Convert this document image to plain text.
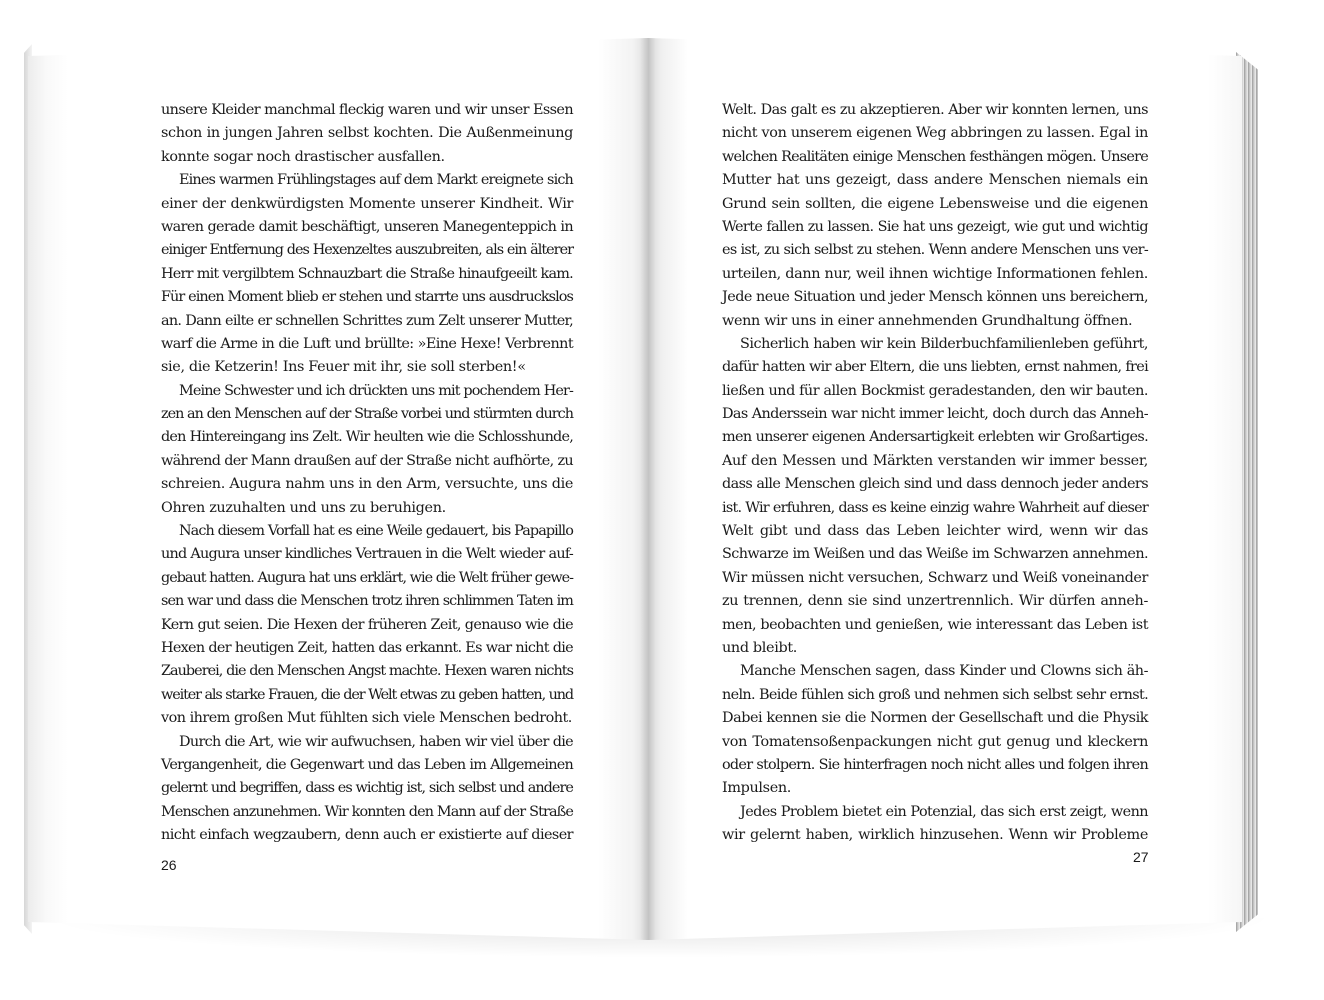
unsere Kleider manchmal fleckig waren und wir unser Essen
schon in jungen Jahren selbst kochten. Die Außenmeinung
konnte sogar noch drastischer ausfallen.
Eines warmen Frühlingstages auf dem Markt ereignete sich
einer der denkwürdigsten Momente unserer Kindheit. Wir
waren gerade damit beschäftigt, unseren Manegenteppich in
einiger Entfernung des Hexenzeltes auszubreiten, als ein älterer
Herr mit vergilbtem Schnauzbart die Straße hinaufgeeilt kam.
Für einen Moment blieb er stehen und starrte uns ausdruckslos
an. Dann eilte er schnellen Schrittes zum Zelt unserer Mutter,
warf die Arme in die Luft und brüllte: »Eine Hexe! Verbrennt
sie, die Ketzerin! Ins Feuer mit ihr, sie soll sterben!«
Meine Schwester und ich drückten uns mit pochendem Her-
zen an den Menschen auf der Straße vorbei und stürmten durch
den Hintereingang ins Zelt. Wir heulten wie die Schlosshunde,
während der Mann draußen auf der Straße nicht aufhörte, zu
schreien. Augura nahm uns in den Arm, versuchte, uns die
Ohren zuzuhalten und uns zu beruhigen.
Nach diesem Vorfall hat es eine Weile gedauert, bis Papapillo
und Augura unser kindliches Vertrauen in die Welt wieder auf-
gebaut hatten. Augura hat uns erklärt, wie die Welt früher gewe-
sen war und dass die Menschen trotz ihren schlimmen Taten im
Kern gut seien. Die Hexen der früheren Zeit, genauso wie die
Hexen der heutigen Zeit, hatten das erkannt. Es war nicht die
Zauberei, die den Menschen Angst machte. Hexen waren nichts
weiter als starke Frauen, die der Welt etwas zu geben hatten, und
von ihrem großen Mut fühlten sich viele Menschen bedroht.
Durch die Art, wie wir aufwuchsen, haben wir viel über die
Vergangenheit, die Gegenwart und das Leben im Allgemeinen
gelernt und begriffen, dass es wichtig ist, sich selbst und andere
Menschen anzunehmen. Wir konnten den Mann auf der Straße
nicht einfach wegzaubern, denn auch er existierte auf dieser
26
Welt. Das galt es zu akzeptieren. Aber wir konnten lernen, uns
nicht von unserem eigenen Weg abbringen zu lassen. Egal in
welchen Realitäten einige Menschen festhängen mögen. Unsere
Mutter hat uns gezeigt, dass andere Menschen niemals ein
Grund sein sollten, die eigene Lebensweise und die eigenen
Werte fallen zu lassen. Sie hat uns gezeigt, wie gut und wichtig
es ist, zu sich selbst zu stehen. Wenn andere Menschen uns ver-
urteilen, dann nur, weil ihnen wichtige Informationen fehlen.
Jede neue Situation und jeder Mensch können uns bereichern,
wenn wir uns in einer annehmenden Grundhaltung öffnen.
Sicherlich haben wir kein Bilderbuchfamilienleben geführt,
dafür hatten wir aber Eltern, die uns liebten, ernst nahmen, frei
ließen und für allen Bockmist geradestanden, den wir bauten.
Das Anderssein war nicht immer leicht, doch durch das Anneh-
men unserer eigenen Andersartigkeit erlebten wir Großartiges.
Auf den Messen und Märkten verstanden wir immer besser,
dass alle Menschen gleich sind und dass dennoch jeder anders
ist. Wir erfuhren, dass es keine einzig wahre Wahrheit auf dieser
Welt gibt und dass das Leben leichter wird, wenn wir das
Schwarze im Weißen und das Weiße im Schwarzen annehmen.
Wir müssen nicht versuchen, Schwarz und Weiß voneinander
zu trennen, denn sie sind unzertrennlich. Wir dürfen anneh-
men, beobachten und genießen, wie interessant das Leben ist
und bleibt.
Manche Menschen sagen, dass Kinder und Clowns sich äh-
neln. Beide fühlen sich groß und nehmen sich selbst sehr ernst.
Dabei kennen sie die Normen der Gesellschaft und die Physik
von Tomatensoßenpackungen nicht gut genug und kleckern
oder stolpern. Sie hinterfragen noch nicht alles und folgen ihren
Impulsen.
Jedes Problem bietet ein Potenzial, das sich erst zeigt, wenn
wir gelernt haben, wirklich hinzusehen. Wenn wir Probleme
27
